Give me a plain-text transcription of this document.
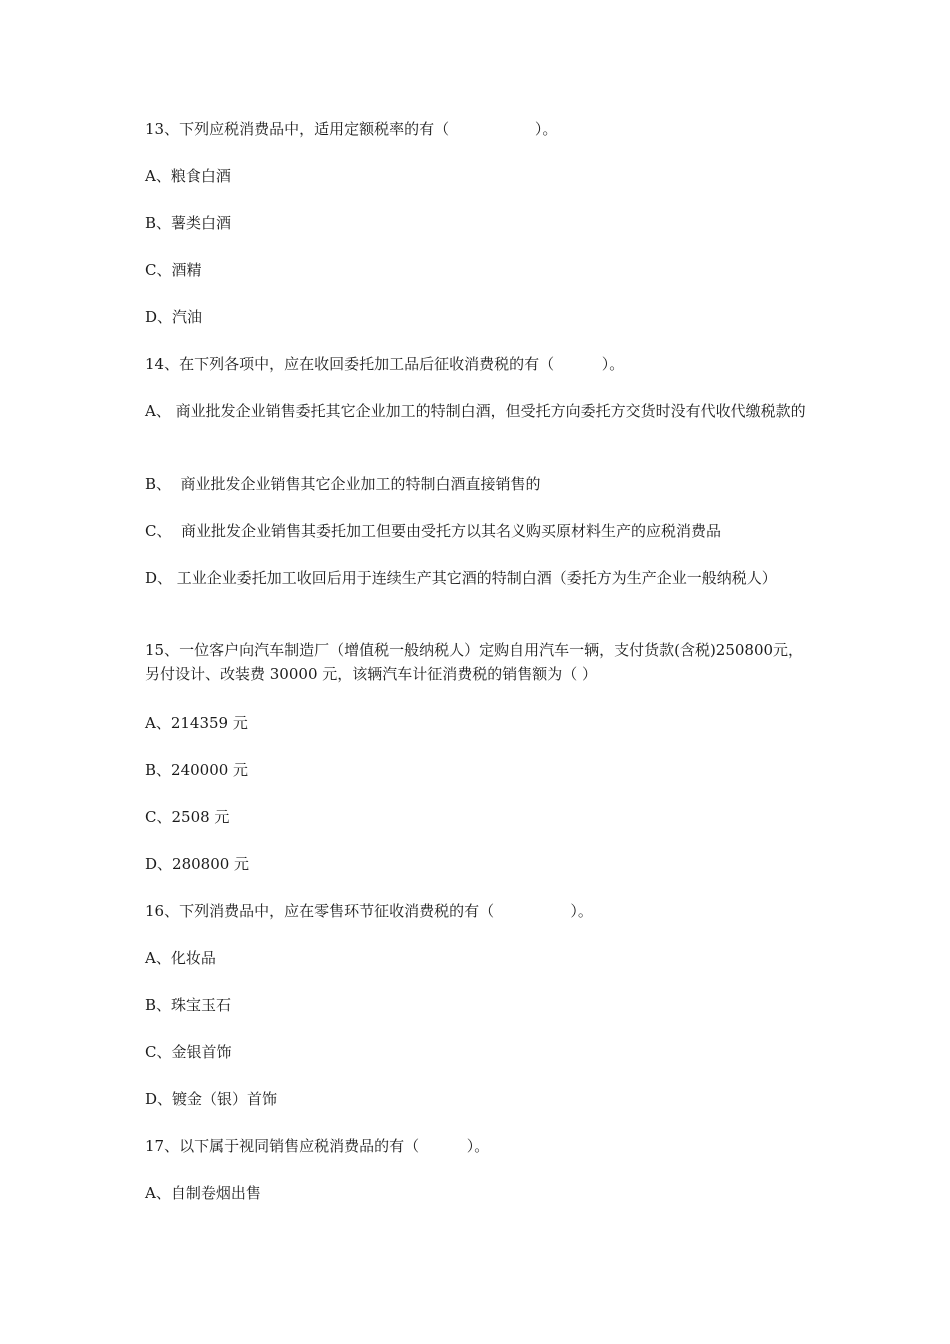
13、下列应税消费品中，适用定额税率的有（                  ）。
A、粮食白酒
B、薯类白酒
C、酒精
D、汽油
14、在下列各项中，应在收回委托加工品后征收消费税的有（          ）。
A、 商业批发企业销售委托其它企业加工的特制白酒，但受托方向委托方交货时没有代收代缴税款的
B、  商业批发企业销售其它企业加工的特制白酒直接销售的
C、  商业批发企业销售其委托加工但要由受托方以其名义购买原材料生产的应税消费品
D、 工业企业委托加工收回后用于连续生产其它酒的特制白酒（委托方为生产企业一般纳税人）
15、一位客户向汽车制造厂（增值税一般纳税人）定购自用汽车一辆，支付货款(含税)250800元，另付设计、改装费 30000 元，该辆汽车计征消费税的销售额为（ ）
A、214359 元
B、240000 元
C、2508 元
D、280800 元
16、下列消费品中，应在零售环节征收消费税的有（                ）。
A、化妆品
B、珠宝玉石
C、金银首饰
D、镀金（银）首饰
17、以下属于视同销售应税消费品的有（          ）。
A、自制卷烟出售
